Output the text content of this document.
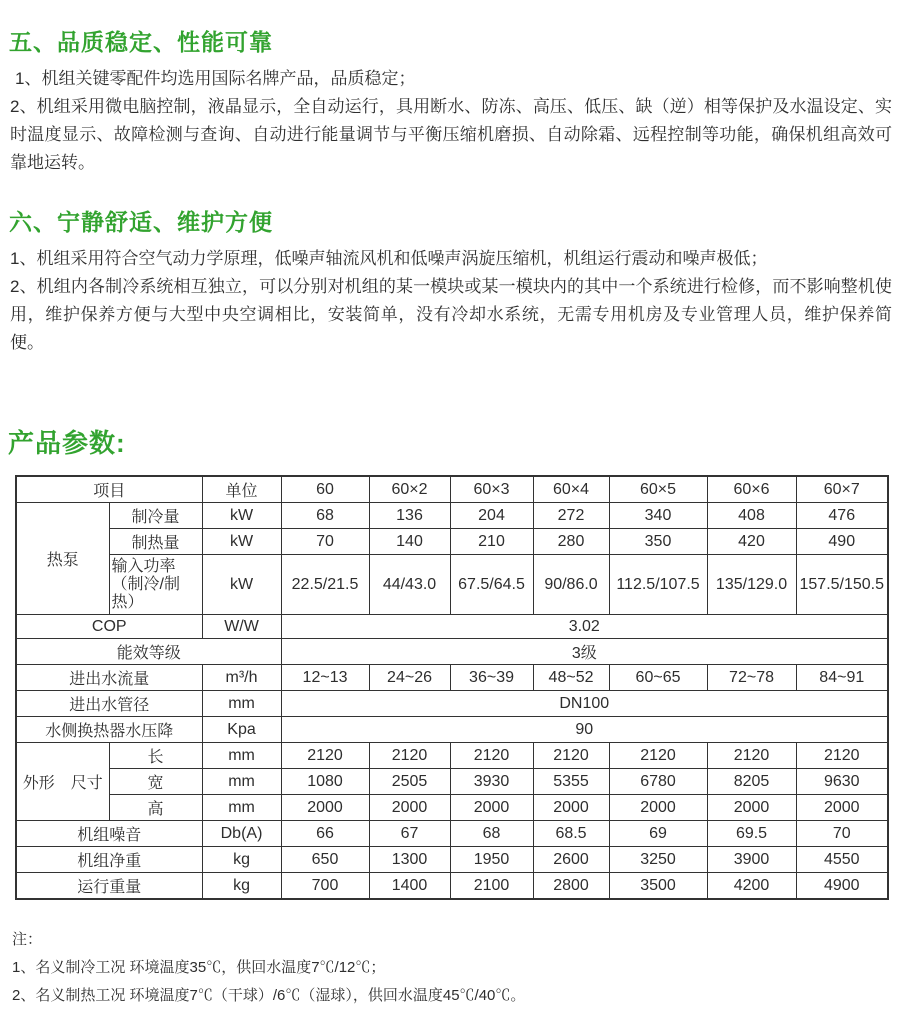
五、品质稳定、性能可靠

1、机组关键零配件均选用国际名牌产品，品质稳定；

2、机组采用微电脑控制，液晶显示，全自动运行，具用断水、防冻、高压、低压、缺（逆）相等保护及水温设定、实时温度显示、故障检测与查询、自动进行能量调节与平衡压缩机磨损、自动除霜、远程控制等功能，确保机组高效可靠地运转。

六、宁静舒适、维护方便

1、机组采用符合空气动力学原理，低噪声轴流风机和低噪声涡旋压缩机，机组运行震动和噪声极低；

2、机组内各制冷系统相互独立，可以分别对机组的某一模块或某一模块内的其中一个系统进行检修，而不影响整机使用，维护保养方便与大型中央空调相比，安装简单，没有冷却水系统，无需专用机房及专业管理人员，维护保养简便。

产品参数:
项目		单位	60	60×2	60×3	60×4	60×5	60×6	60×7
热泵	制冷量	kW	68	136	204	272	340	408	476
	制热量	kW	70	140	210	280	350	420	490
	输入功率（制冷/制热）	kW	22.5/21.5	44/43.0	67.5/64.5	90/86.0	112.5/107.5	135/129.0	157.5/150.5
COP		W/W	3.02						
能效等级			3级						
进出水流量		m³/h	12~13	24~26	36~39	48~52	60~65	72~78	84~91
进出水管径		mm	DN100						
水侧换热器水压降		Kpa	90						
外形　尺寸	长	mm	2120	2120	2120	2120	2120	2120	2120
	宽	mm	1080	2505	3930	5355	6780	8205	9630
	高	mm	2000	2000	2000	2000	2000	2000	2000
机组噪音		Db(A)	66	67	68	68.5	69	69.5	70
机组净重		kg	650	1300	1950	2600	3250	3900	4550
运行重量		kg	700	1400	2100	2800	3500	4200	4900

注：

1、名义制冷工况 环境温度35℃，供回水温度7℃/12℃；

2、名义制热工况 环境温度7℃（干球）/6℃（湿球），供回水温度45℃/40℃。
